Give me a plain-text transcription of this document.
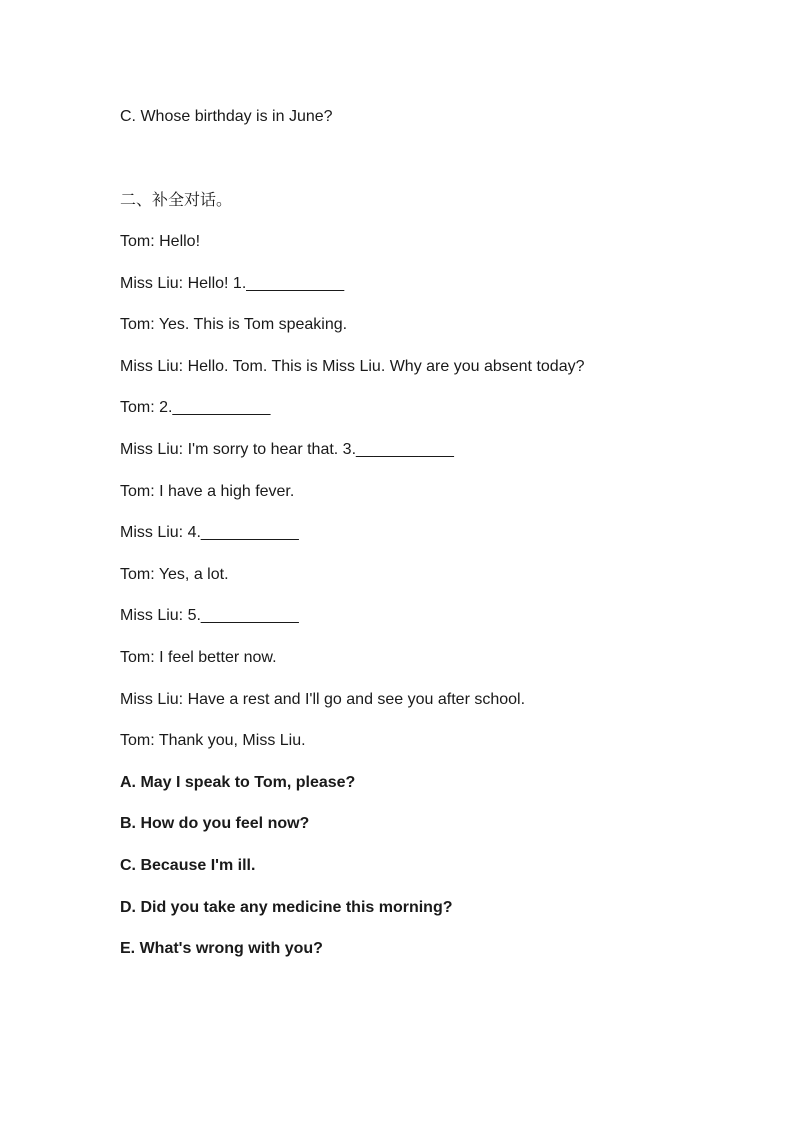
C. Whose birthday is in June?
二、补全对话。
Tom: Hello!
Miss Liu: Hello! 1.___________
Tom: Yes. This is Tom speaking.
Miss Liu: Hello. Tom. This is Miss Liu. Why are you absent today?
Tom: 2.___________
Miss Liu: I'm sorry to hear that. 3.___________
Tom: I have a high fever.
Miss Liu: 4.___________
Tom: Yes, a lot.
Miss Liu: 5.___________
Tom: I feel better now.
Miss Liu: Have a rest and I'll go and see you after school.
Tom: Thank you, Miss Liu.
A. May I speak to Tom, please?
B. How do you feel now?
C. Because I'm ill.
D. Did you take any medicine this morning?
E. What's wrong with you?
